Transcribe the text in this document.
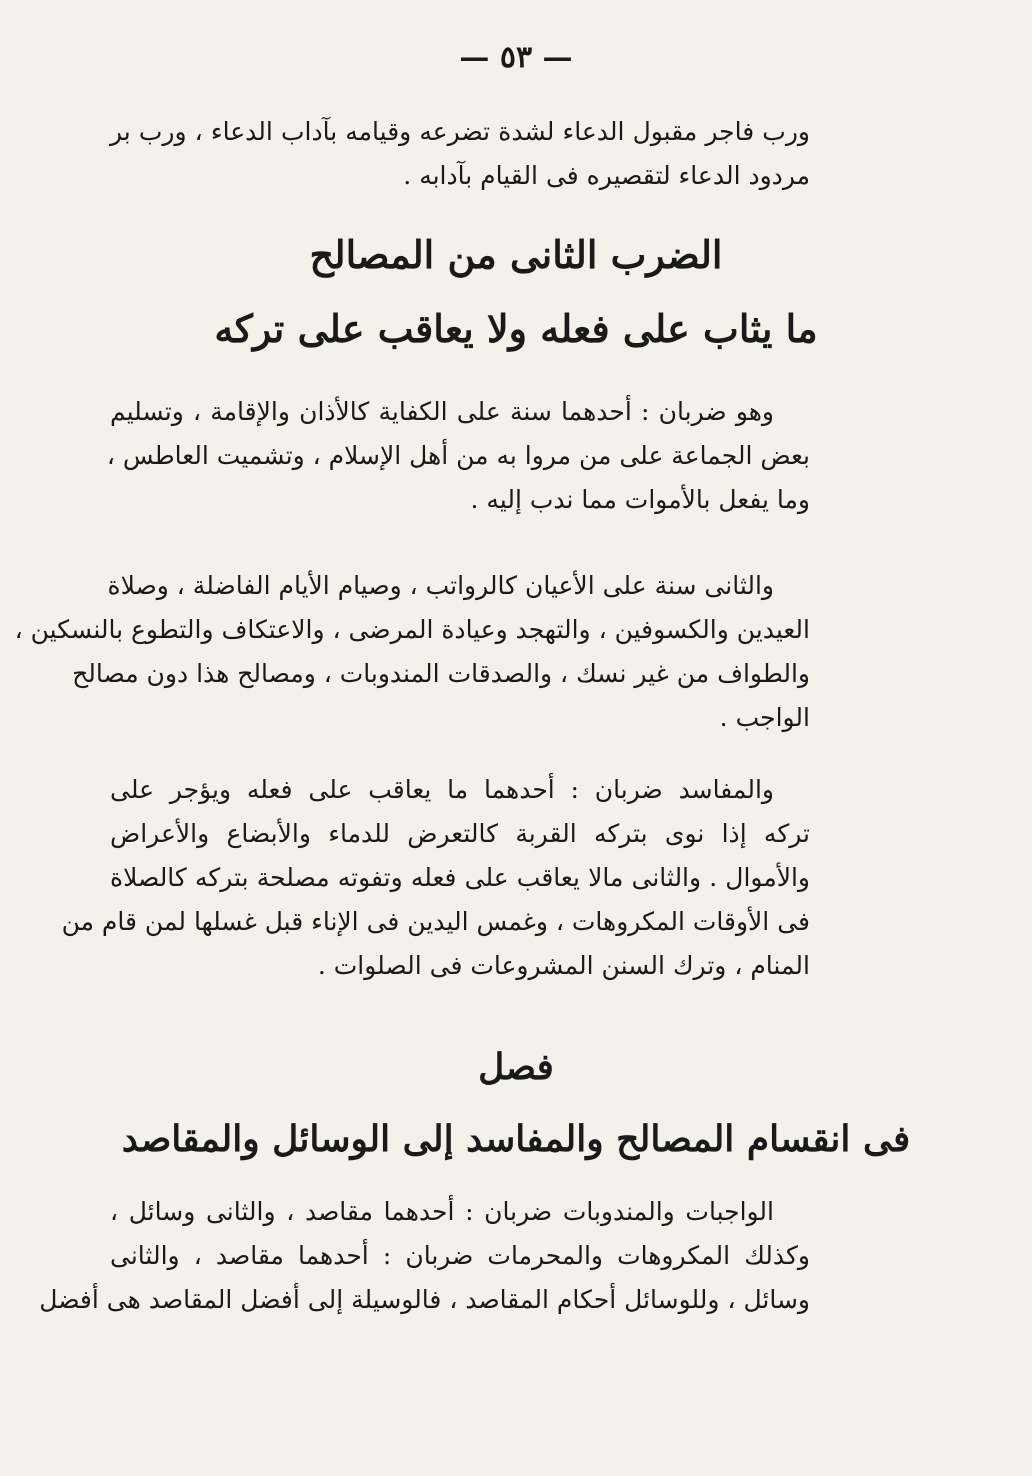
— ٥٣ —
ورب فاجر مقبول الدعاء لشدة تضرعه وقيامه بآداب الدعاء ، ورب بر
مردود الدعاء لتقصيره فى القيام بآدابه .
الضرب الثانى من المصالح
ما يثاب على فعله ولا يعاقب على تركه
وهو ضربان : أحدهما سنة على الكفاية كالأذان والإقامة ، وتسليم
بعض الجماعة على من مروا به من أهل الإسلام ، وتشميت العاطس ،
وما يفعل بالأموات مما ندب إليه .
والثانى سنة على الأعيان كالرواتب ، وصيام الأيام الفاضلة ، وصلاة
العيدين والكسوفين ، والتهجد وعيادة المرضى ، والاعتكاف والتطوع بالنسكين ،
والطواف من غير نسك ، والصدقات المندوبات ، ومصالح هذا دون مصالح
الواجب .
والمفاسد ضربان : أحدهما ما يعاقب على فعله ويؤجر على
تركه إذا نوى بتركه القربة كالتعرض للدماء والأبضاع والأعراض
والأموال . والثانى مالا يعاقب على فعله وتفوته مصلحة بتركه كالصلاة
فى الأوقات المكروهات ، وغمس اليدين فى الإناء قبل غسلها لمن قام من
المنام ، وترك السنن المشروعات فى الصلوات .
فصل
فى انقسام المصالح والمفاسد إلى الوسائل والمقاصد
الواجبات والمندوبات ضربان : أحدهما مقاصد ، والثانى وسائل ،
وكذلك المكروهات والمحرمات ضربان : أحدهما مقاصد ، والثانى
وسائل ، وللوسائل أحكام المقاصد ، فالوسيلة إلى أفضل المقاصد هى أفضل
